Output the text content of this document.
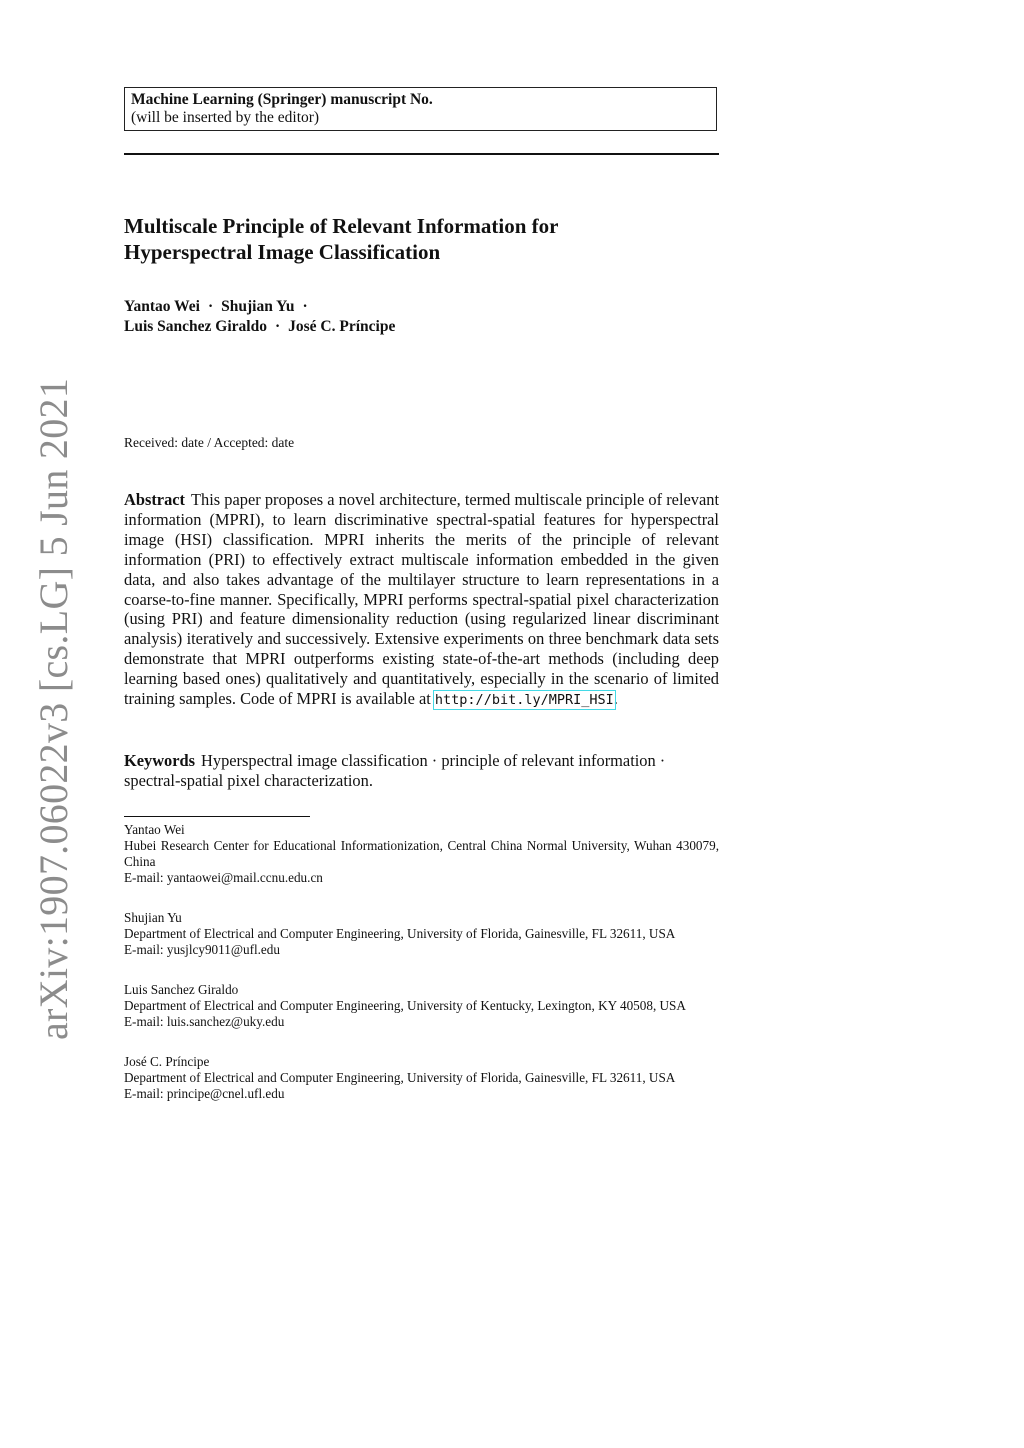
Machine Learning (Springer) manuscript No.
(will be inserted by the editor)
Multiscale Principle of Relevant Information for
Hyperspectral Image Classification
Yantao Wei · Shujian Yu ·
Luis Sanchez Giraldo · José C. Príncipe
Received: date / Accepted: date
Abstract This paper proposes a novel architecture, termed multiscale principle of relevant information (MPRI), to learn discriminative spectral-spatial features for hyperspectral image (HSI) classification. MPRI inherits the merits of the principle of relevant information (PRI) to effectively extract multiscale information embedded in the given data, and also takes advantage of the multilayer structure to learn representations in a coarse-to-fine manner. Specifically, MPRI performs spectral-spatial pixel characterization (using PRI) and feature dimensionality reduction (using regularized linear discriminant analysis) iteratively and successively. Extensive experiments on three benchmark data sets demonstrate that MPRI outperforms existing state-of-the-art methods (including deep learning based ones) qualitatively and quantitatively, especially in the scenario of limited training samples. Code of MPRI is available at http://bit.ly/MPRI_HSI.
Keywords Hyperspectral image classification · principle of relevant information · spectral-spatial pixel characterization.
Yantao Wei
Hubei Research Center for Educational Informationization, Central China Normal University, Wuhan 430079, China
E-mail: yantaowei@mail.ccnu.edu.cn
Shujian Yu
Department of Electrical and Computer Engineering, University of Florida, Gainesville, FL 32611, USA
E-mail: yusjlcy9011@ufl.edu
Luis Sanchez Giraldo
Department of Electrical and Computer Engineering, University of Kentucky, Lexington, KY 40508, USA
E-mail: luis.sanchez@uky.edu
José C. Príncipe
Department of Electrical and Computer Engineering, University of Florida, Gainesville, FL 32611, USA
E-mail: principe@cnel.ufl.edu
arXiv:1907.06022v3 [cs.LG] 5 Jun 2021
